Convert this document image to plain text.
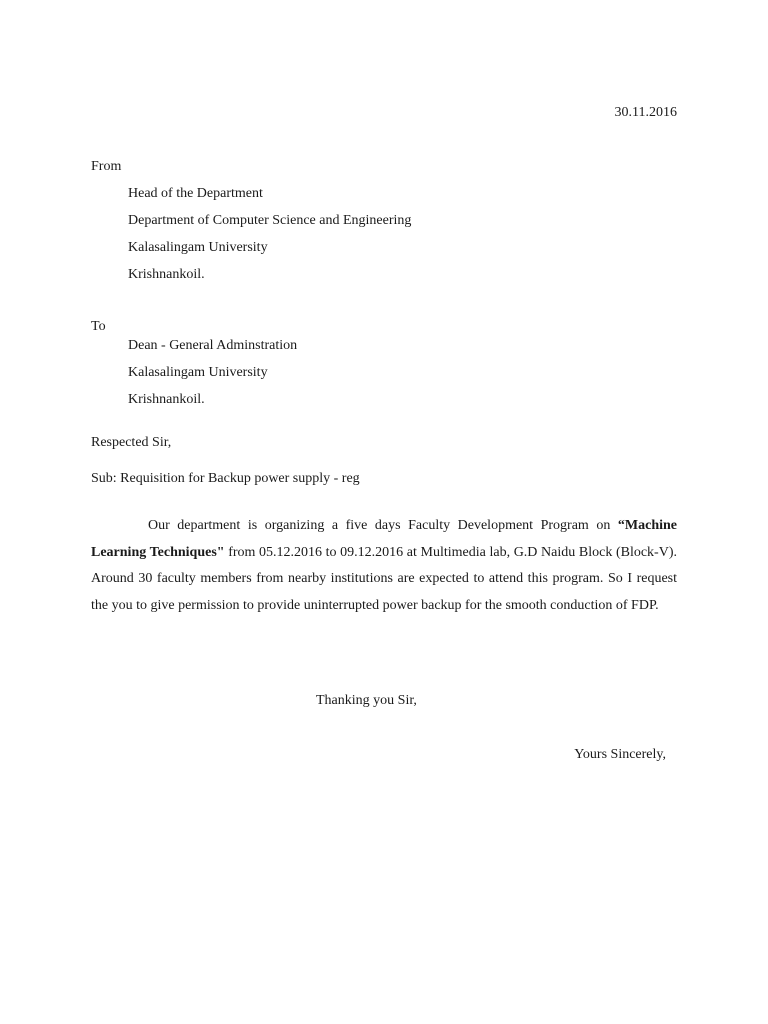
30.11.2016
From
Head of the Department
Department of Computer Science and Engineering
Kalasalingam University
Krishnankoil.
To
Dean - General Adminstration
Kalasalingam University
Krishnankoil.
Respected Sir,
Sub: Requisition for Backup power supply - reg
Our department is organizing a five days Faculty Development Program on “Machine Learning Techniques" from 05.12.2016 to 09.12.2016 at Multimedia lab, G.D Naidu Block (Block-V). Around 30 faculty members from nearby institutions are expected to attend this program. So I request the you to give permission to provide uninterrupted power backup for the smooth conduction of FDP.
Thanking you Sir,
Yours Sincerely,
